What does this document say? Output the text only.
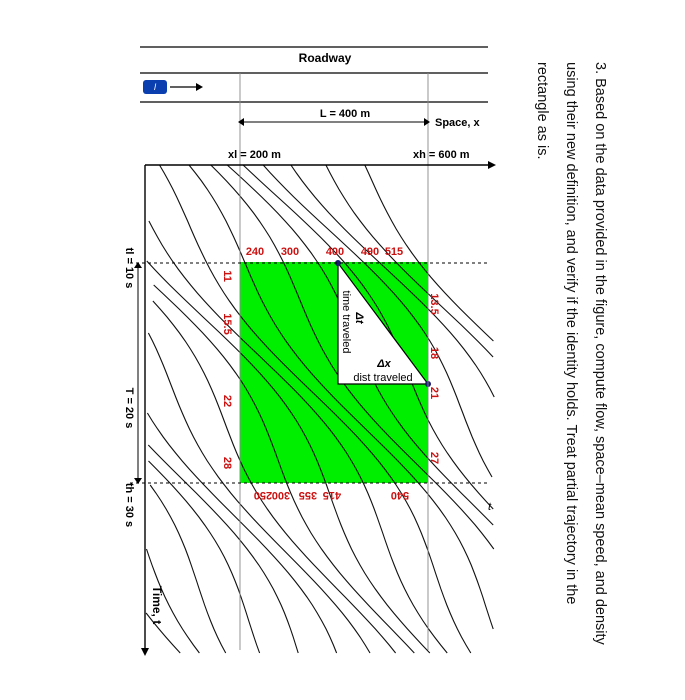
Roadway
l
L = 400 m
Space, x
xl = 200 m	xh = 600 m
tl = 10 s
T = 20 s
th = 30 s
Time, t
Δt
time traveled
Δx
dist traveled
t
240 300 400 490 515
250 300 355 415	540
11
15.5
22
28
13.5
18
21
27
3. Based on the data provided in the figure, compute flow, space–mean speed, and density using their new definition, and verify if the identity holds. Treat partial trajectory in the rectangle as is.
